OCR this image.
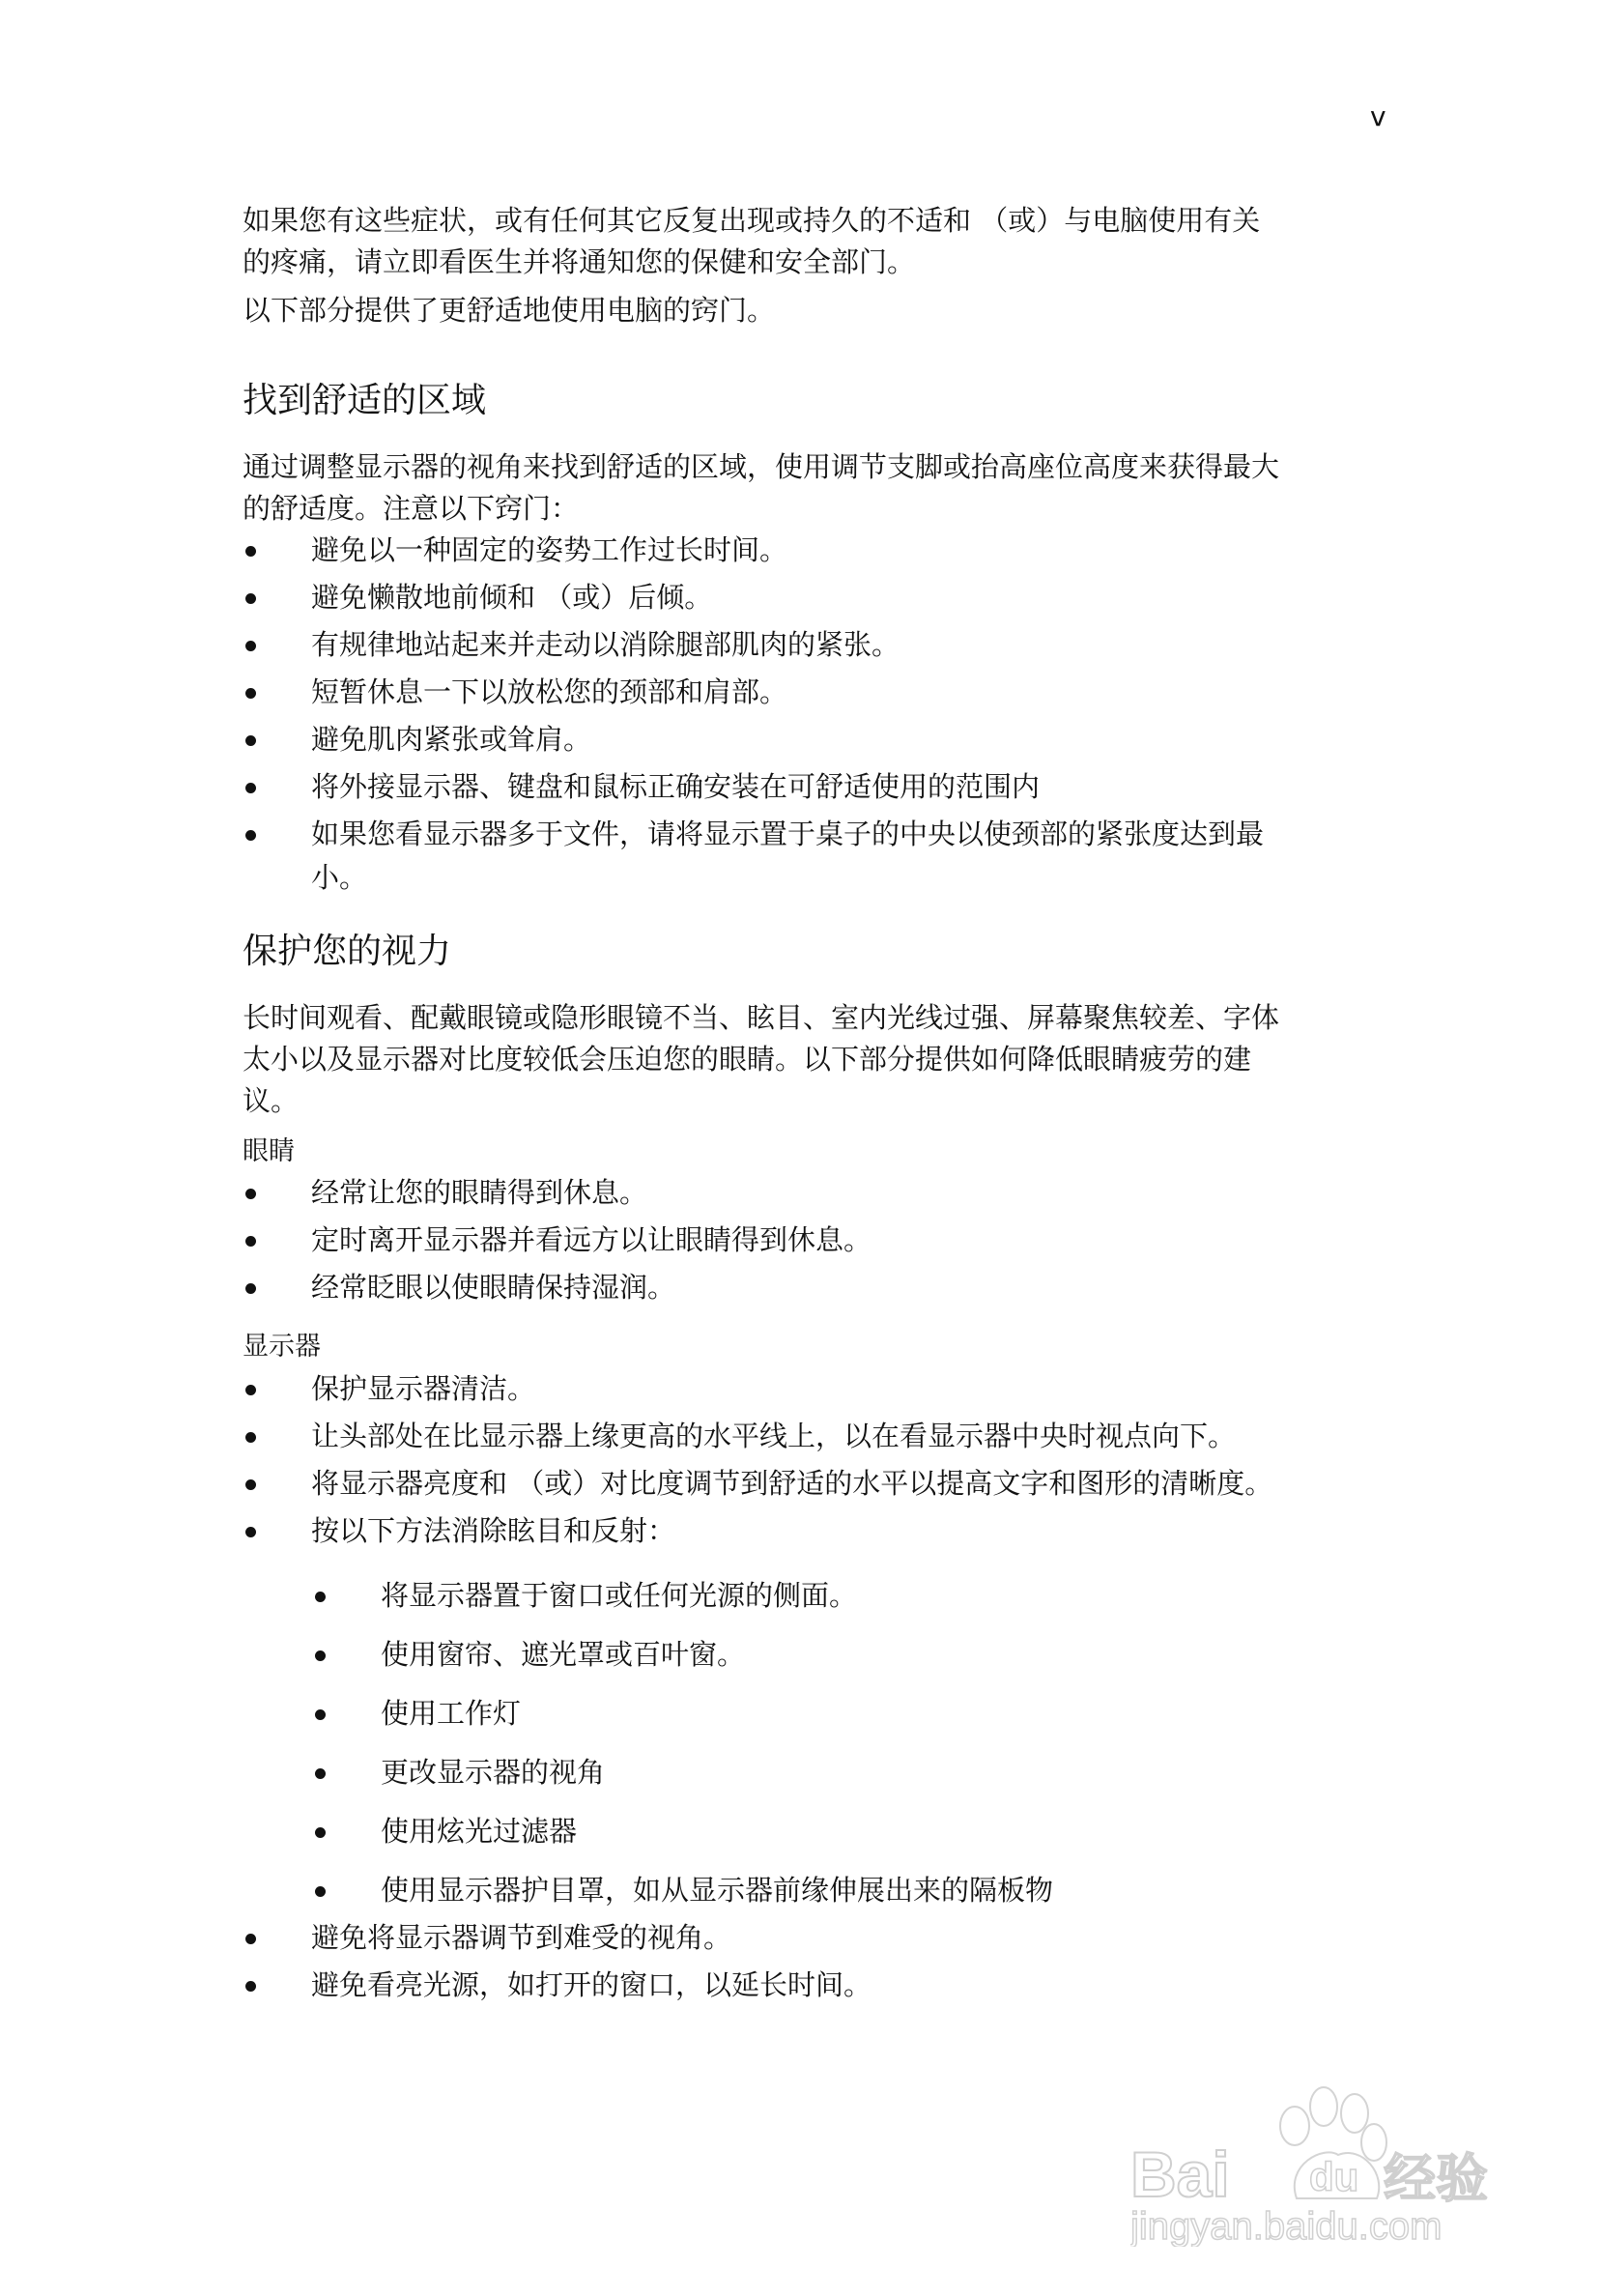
v
如果您有这些症状，或有任何其它反复出现或持久的不适和 （或）与电脑使用有关
的疼痛，请立即看医生并将通知您的保健和安全部门。
以下部分提供了更舒适地使用电脑的窍门。
找到舒适的区域
通过调整显示器的视角来找到舒适的区域，使用调节支脚或抬高座位高度来获得最大
的舒适度。注意以下窍门：
避免以一种固定的姿势工作过长时间。
避免懒散地前倾和 （或）后倾。
有规律地站起来并走动以消除腿部肌肉的紧张。
短暂休息一下以放松您的颈部和肩部。
避免肌肉紧张或耸肩。
将外接显示器、键盘和鼠标正确安装在可舒适使用的范围内
如果您看显示器多于文件，请将显示置于桌子的中央以使颈部的紧张度达到最
小。
保护您的视力
长时间观看、配戴眼镜或隐形眼镜不当、眩目、室内光线过强、屏幕聚焦较差、字体
太小以及显示器对比度较低会压迫您的眼睛。以下部分提供如何降低眼睛疲劳的建
议。
眼睛
经常让您的眼睛得到休息。
定时离开显示器并看远方以让眼睛得到休息。
经常眨眼以使眼睛保持湿润。
显示器
保护显示器清洁。
让头部处在比显示器上缘更高的水平线上，以在看显示器中央时视点向下。
将显示器亮度和 （或）对比度调节到舒适的水平以提高文字和图形的清晰度。
按以下方法消除眩目和反射：
将显示器置于窗口或任何光源的侧面。
使用窗帘、遮光罩或百叶窗。
使用工作灯
更改显示器的视角
使用炫光过滤器
使用显示器护目罩，如从显示器前缘伸展出来的隔板物
避免将显示器调节到难受的视角。
避免看亮光源，如打开的窗口，以延长时间。
Bai du 经验
jingyan.baidu.com
